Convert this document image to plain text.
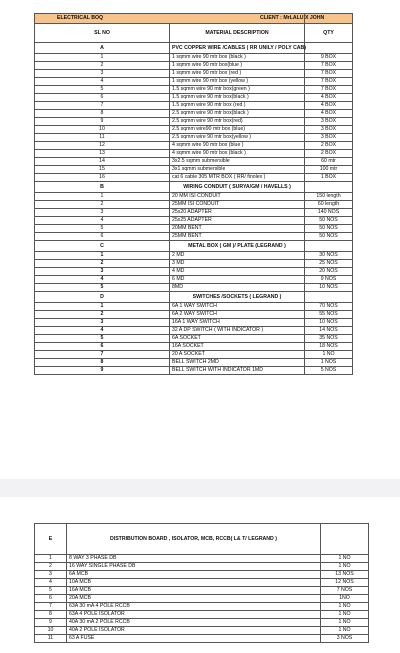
ELECTRICAL BOQ CLIENT : MrLALU X JOHN		

SL NO	MATERIAL DESCRIPTION	QTY
A	PVC COPPER WIRE /CABLES ( RR UNILY / POLY CAB)	
1	1 sqmm wire 90 mtr box (black )	9 BOX
2	1 sqmm wire 90 mtr box(blue )	7 BOX
3	1 sqmm wire 90 mtr box (red )	7 BOX
4	1 sqmm wire 90 mtr box (yellow )	7 BOX
5	1.5 sqmm wire 90 mtr box(green )	7 BOX
6	1.5 sqmm wire 90 mtr box(black )	4 BOX
7	1.5 sqmm wire 90 mtr box (red )	4 BOX
8	2.5 sqmm wire 90 mtr box(black )	4 BOX
9	2.5 sqmm wire 90 mtr box(red)	3 BOX
10	2.5 sqmm wire90 mtr box (blue)	3 BOX
11	2.5 sqmm wire 90 mtr box(yellow )	3 BOX
12	4 sqmm wire 90 mtr box (blue )	2 BOX
13	4 sqmm wire 90 mtr box (black )	2 BOX
14	3x2.5 sqmm submersible	60 mtr
15	3x1 sqmm submersible	100 mtr
16	cat 6 cable 305 MTR BOX ( RR/ finolex )	1 BOX
B	WIRING CONDUIT ( SURYA/GM / HAVELLS )	
1	20 MM ISI CONDUIT	150 length
2	25MM ISI CONDUIT	60 length
3	25x20 ADAPTER	140 NOS
4	25x25 ADAPTER	50 NOS
5	20MM BENT	50 NOS
6	25MM BENT	50 NOS
C	METAL BOX ( GM )/ PLATE (LEGRAND )	
1	2 MD	30 NOS
2	3 MD	25 NOS
3	4 MD	20 NOS
4	6 MD	9 NOS
5	8MD	10 NOS
D	SWITCHES /SOCKETS ( LEGRAND )	
1	6A 1 WAY SWITCH	70 NOS
2	6A 2 WAY SWITCH	55 NOS
3	16A 1 WAY SWITCH	10 NOS
4	32 A DP SWITCH ( WITH INDICATOR )	14 NOS
5	6A SOCKET	35 NOS
6	16A SOCKET	18 NOS
7	20 A SOCKET	1 NO
8	BELL SWITCH 2MD	1 NOS
9	BELL SWITCH WITH INDICATOR 1MD	5 NOS
E	DISTRIBUTION BOARD , ISOLATOR, MCB, RCCB( L& T/ LEGRAND )	
1	8 WAY 3 PHASE DB	1 NO
2	16 WAY SINGLE PHASE DB	1 NO
3	6A MCB	13 NOS
4	10A MCB	12 NOS
5	16A MCB	7 NOS
6	20A MCB	1NO
7	63A 30 mA 4 POLE RCCB	1 NO
8	63A 4 POLE ISOLATOR	1 NO
9	40A 30 mA 2 POLE RCCB	1 NO
10	40A 2 POLE ISOLATOR	1 NO
11	63 A FUSE	3 NOS
